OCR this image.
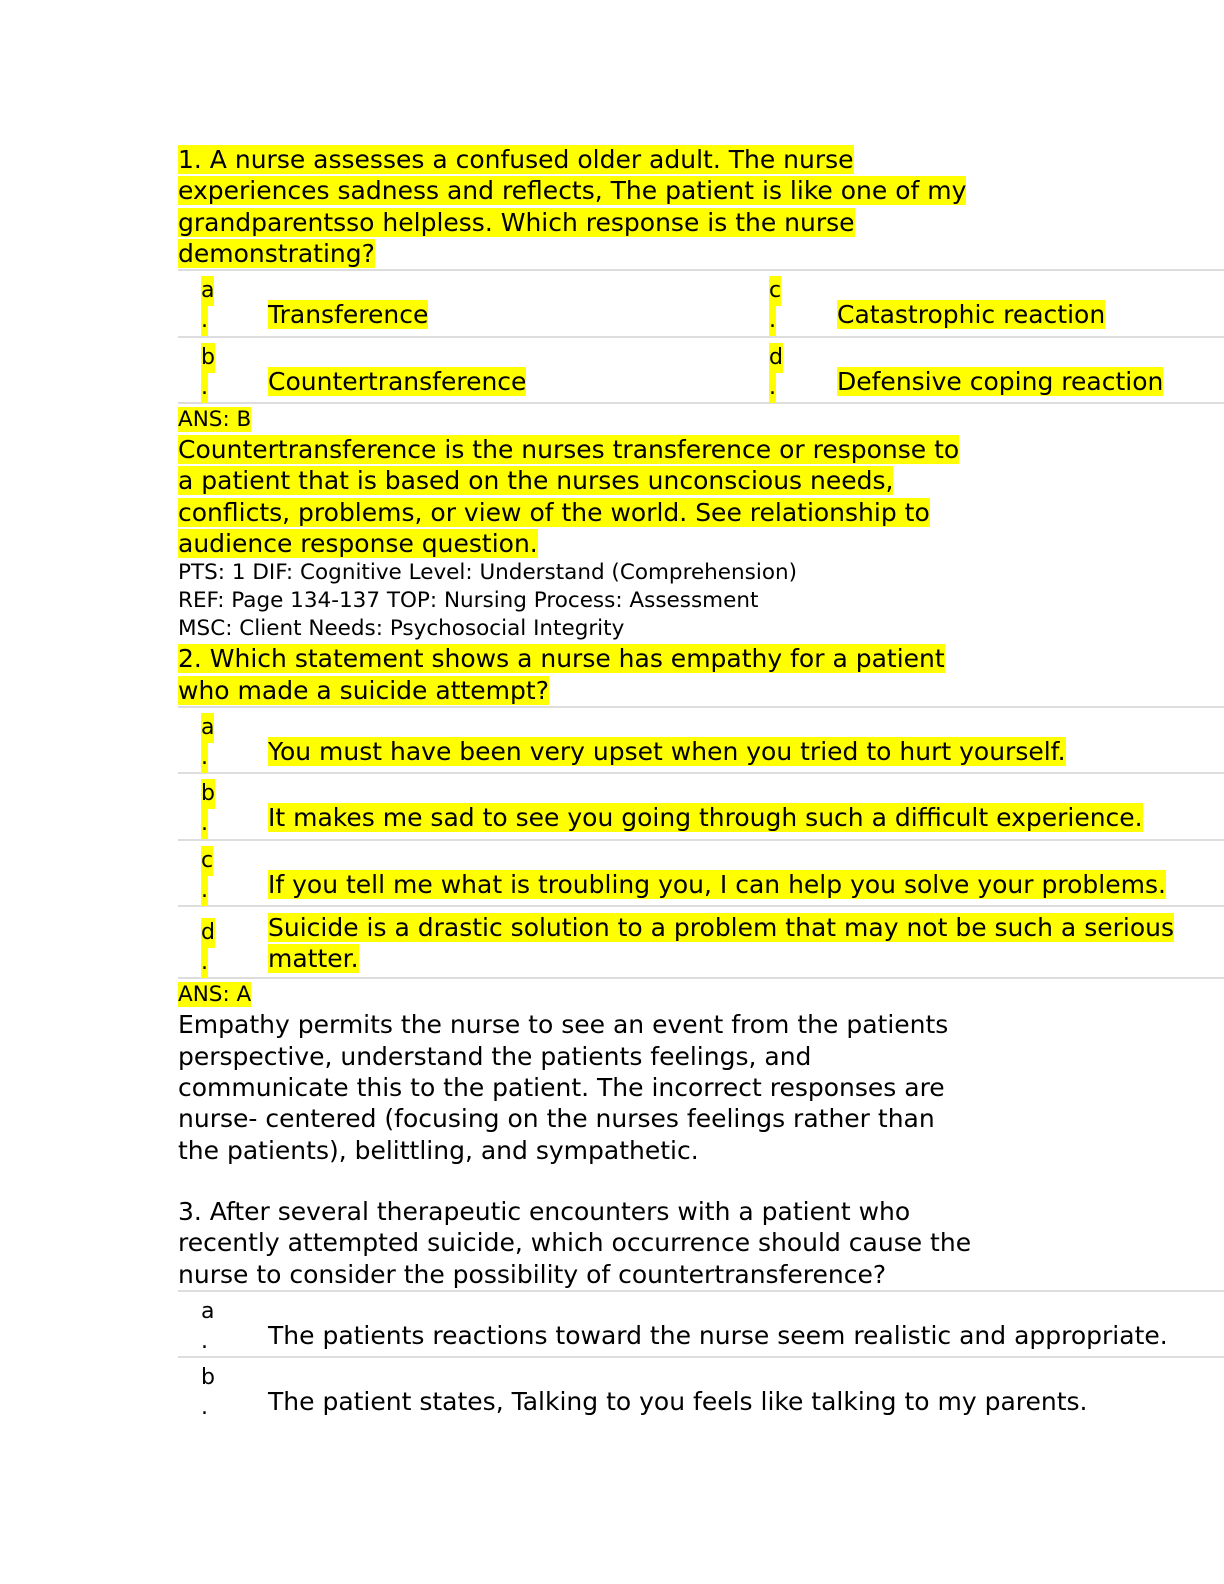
1. A nurse assesses a confused older adult. The nurse
experiences sadness and reflects, The patient is like one of my
grandparentsso helpless. Which response is the nurse
demonstrating?

a
. Transference
c
. Catastrophic reaction
b
. Countertransference
d
. Defensive coping reaction

ANS: B

Countertransference is the nurses transference or response to
a patient that is based on the nurses unconscious needs,
conflicts, problems, or view of the world. See relationship to
audience response question.

PTS: 1 DIF: Cognitive Level: Understand (Comprehension)

REF: Page 134-137 TOP: Nursing Process: Assessment

MSC: Client Needs: Psychosocial Integrity

2. Which statement shows a nurse has empathy for a patient
who made a suicide attempt?

a
. You must have been very upset when you tried to hurt yourself.
b
. It makes me sad to see you going through such a difficult experience.
c
. If you tell me what is troubling you, I can help you solve your problems.
d
.
Suicide is a drastic solution to a problem that may not be such a serious matter.

ANS: A

Empathy permits the nurse to see an event from the patients
perspective, understand the patients feelings, and
communicate this to the patient. The incorrect responses are
nurse- centered (focusing on the nurses feelings rather than
the patients), belittling, and sympathetic.

3. After several therapeutic encounters with a patient who
recently attempted suicide, which occurrence should cause the
nurse to consider the possibility of countertransference?

a
. The patients reactions toward the nurse seem realistic and appropriate.
b
. The patient states, Talking to you feels like talking to my parents.
